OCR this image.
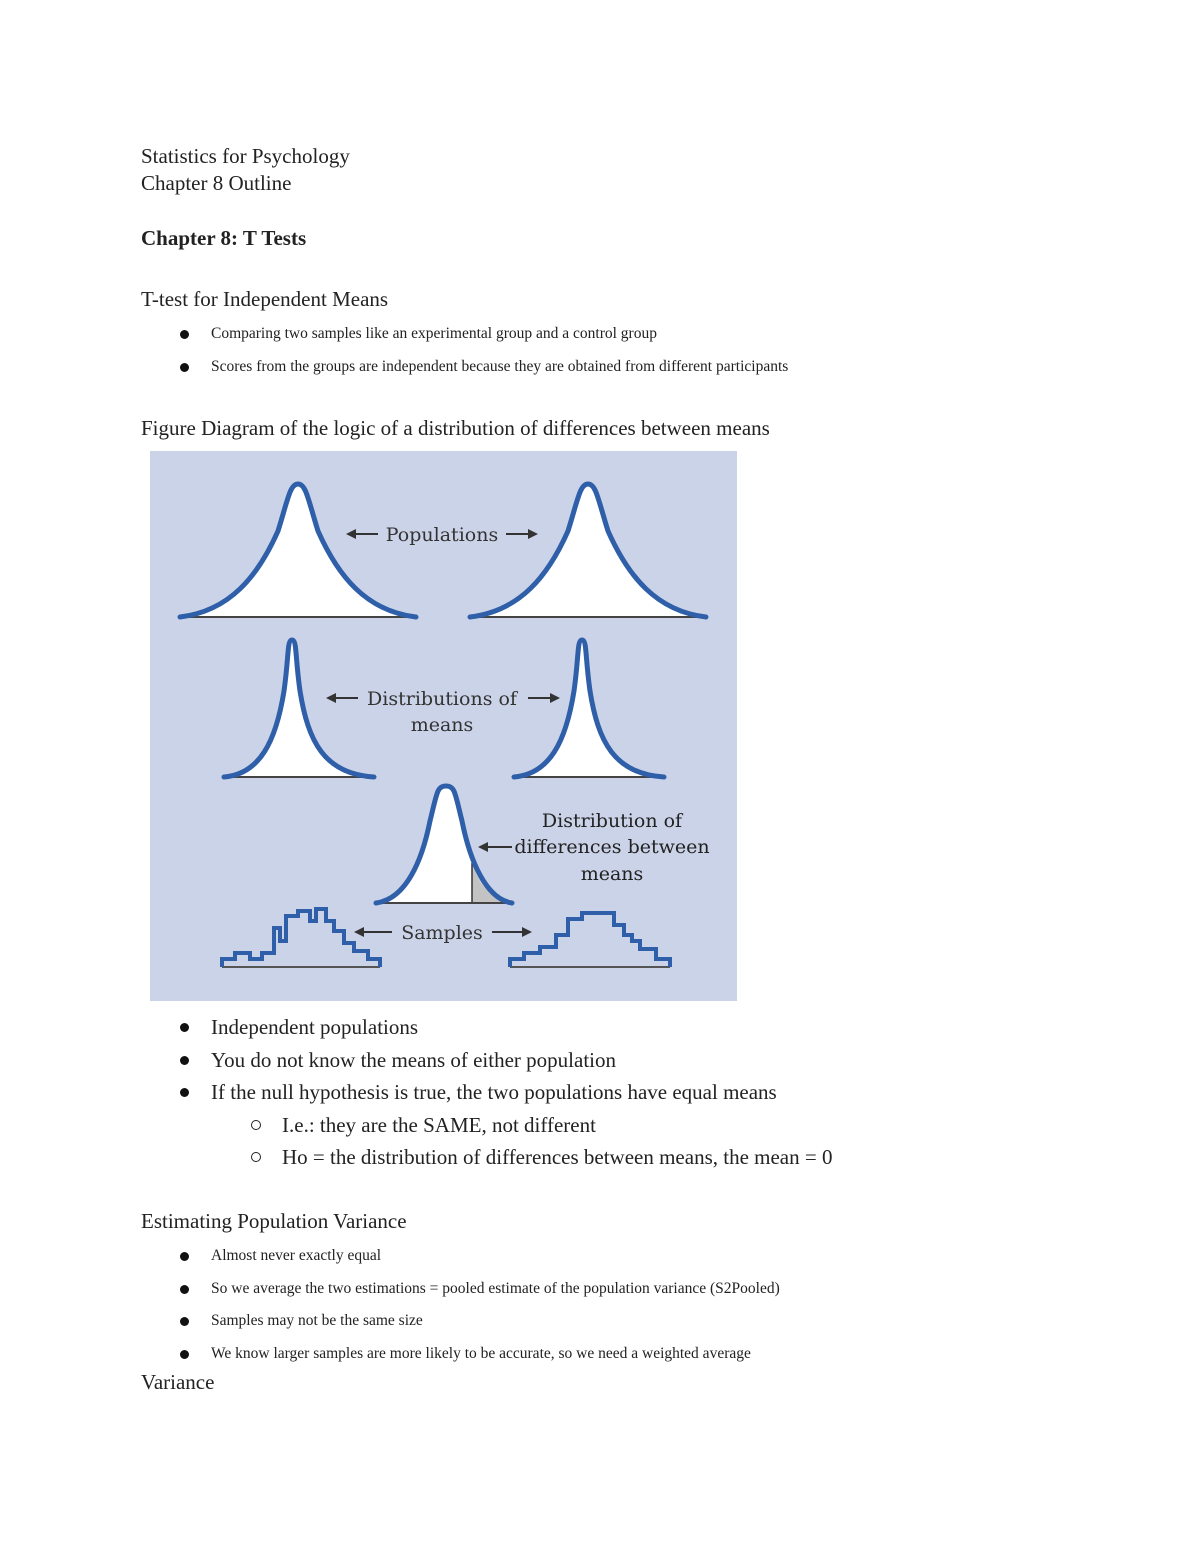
Statistics for Psychology
Chapter 8 Outline
Chapter 8: T Tests
T-test for Independent Means
Comparing two samples like an experimental group and a control group
Scores from the groups are independent because they are obtained from different participants
Figure Diagram of the logic of a distribution of differences between means
Populations
Distributions of
means
Distribution of
differences between
means
Samples
Independent populations
You do not know the means of either population
If the null hypothesis is true, the two populations have equal means
I.e.: they are the SAME, not different
Ho = the distribution of differences between means, the mean = 0
Estimating Population Variance
Almost never exactly equal
So we average the two estimations = pooled estimate of the population variance (S2Pooled)
Samples may not be the same size
We know larger samples are more likely to be accurate, so we need a weighted average
Variance
